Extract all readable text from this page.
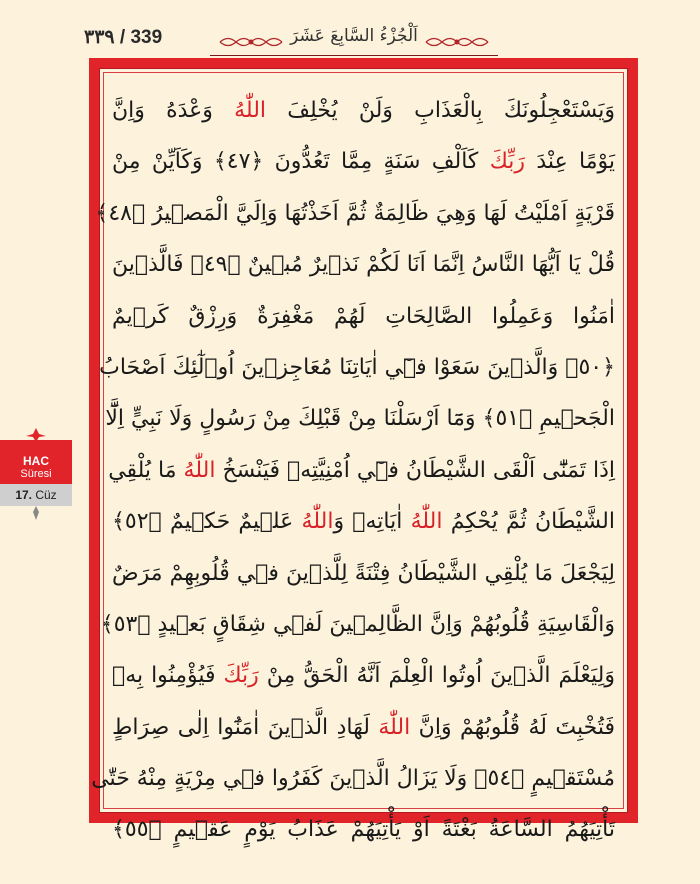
٣٣٩ / 339	اَلْجُزْءُ السَّابِعَ عَشَرَ
HAC
Süresi
17. Cüz
وَيَسْتَعْجِلُونَكَ بِالْعَذَابِ وَلَنْ يُخْلِفَ اللّٰهُ وَعْدَهُ وَاِنَّ
يَوْمًا عِنْدَ رَبِّكَ كَاَلْفِ سَنَةٍ مِمَّا تَعُدُّونَ ﴿٤٧﴾ وَكَاَيِّنْ مِنْ
قَرْيَةٍ اَمْلَيْتُ لَهَا وَهِيَ ظَالِمَةٌ ثُمَّ اَخَذْتُهَا وَاِلَيَّ الْمَص۪يرُ ﴿٤٨﴾
قُلْ يَا اَيُّهَا النَّاسُ اِنَّمَا اَنَا لَكُمْ نَذ۪يرٌ مُب۪ينٌ ﴿٤٩﴾ فَالَّذ۪ينَ
اٰمَنُوا وَعَمِلُوا الصَّالِحَاتِ لَهُمْ مَغْفِرَةٌ وَرِزْقٌ كَر۪يمٌ
﴿٥٠﴾ وَالَّذ۪ينَ سَعَوْا ف۪ٓي اٰيَاتِنَا مُعَاجِز۪ينَ اُو۬لٰٓئِكَ اَصْحَابُ
الْجَح۪يمِ ﴿٥١﴾ وَمَٓا اَرْسَلْنَا مِنْ قَبْلِكَ مِنْ رَسُولٍ وَلَا نَبِيٍّ اِلَّٓا
اِذَا تَمَنّٰٓى اَلْقَى الشَّيْطَانُ ف۪ٓي اُمْنِيَّتِه۪ فَيَنْسَخُ اللّٰهُ مَا يُلْقِي
الشَّيْطَانُ ثُمَّ يُحْكِمُ اللّٰهُ اٰيَاتِه۪ وَاللّٰهُ عَل۪يمٌ حَك۪يمٌ ﴿٥٢﴾
لِيَجْعَلَ مَا يُلْقِي الشَّيْطَانُ فِتْنَةً لِلَّذ۪ينَ ف۪ي قُلُوبِهِمْ مَرَضٌ
وَالْقَاسِيَةِ قُلُوبُهُمْ وَاِنَّ الظَّالِم۪ينَ لَف۪ي شِقَاقٍ بَع۪يدٍ ﴿٥٣﴾
وَلِيَعْلَمَ الَّذ۪ينَ اُوتُوا الْعِلْمَ اَنَّهُ الْحَقُّ مِنْ رَبِّكَ فَيُؤْمِنُوا بِه۪
فَتُخْبِتَ لَهُ قُلُوبُهُمْ وَاِنَّ اللّٰهَ لَهَادِ الَّذ۪ينَ اٰمَنُٓوا اِلٰى صِرَاطٍ
مُسْتَق۪يمٍ ﴿٥٤﴾ وَلَا يَزَالُ الَّذ۪ينَ كَفَرُوا ف۪ي مِرْيَةٍ مِنْهُ حَتّٰى
تَأْتِيَهُمُ السَّاعَةُ بَغْتَةً اَوْ يَأْتِيَهُمْ عَذَابُ يَوْمٍ عَق۪يمٍ ﴿٥٥﴾
